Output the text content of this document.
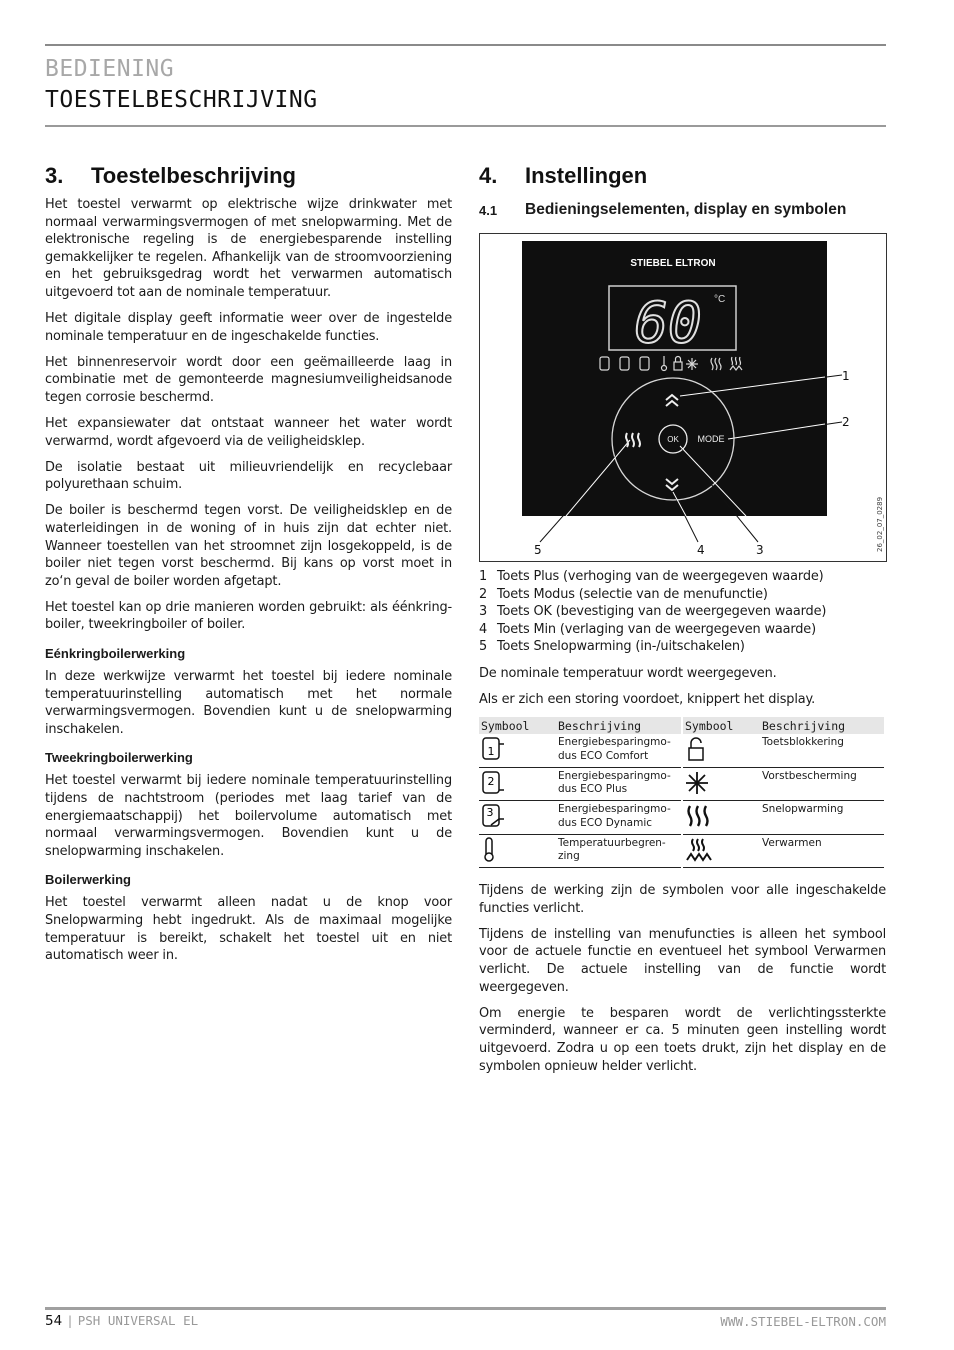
BEDIENING
TOESTELBESCHRIJVING
3.	Toestelbeschrijving

Het toestel verwarmt op elektrische wijze drinkwater met normaal verwarmingsvermogen of met snelopwarming. Met de elektronische regeling is de energiebesparende instelling gemakkelijker te regelen. Afhankelijk van de stroomvoorziening en het gebruiksgedrag wordt het verwarmen automatisch uitgevoerd tot aan de nominale temperatuur.

Het digitale display geeft informatie weer over de ingestelde nominale temperatuur en de ingeschakelde functies.

Het binnenreservoir wordt door een geëmailleerde laag in combinatie met de gemonteerde magnesiumveiligheidsanode tegen corrosie beschermd.

Het expansiewater dat ontstaat wanneer het water wordt verwarmd, wordt afgevoerd via de veiligheidsklep.

De isolatie bestaat uit milieuvriendelijk en recyclebaar polyurethaan schuim.

De boiler is beschermd tegen vorst. De veiligheidsklep en de waterleidingen in de woning of in huis zijn dat echter niet. Wanneer toestellen van het stroomnet zijn losgekoppeld, is de boiler niet tegen vorst beschermd. Bij kans op vorst moet in zo‘n geval de boiler worden afgetapt.

Het toestel kan op drie manieren worden gebruikt: als éénkring-boiler, tweekringboiler of boiler.

Eénkringboilerwerking

In deze werkwijze verwarmt het toestel bij iedere nominale temperatuurinstelling automatisch met het normale verwarmingsvermogen. Bovendien kunt u de snelopwarming inschakelen.

Tweekringboilerwerking

Het toestel verwarmt bij iedere nominale temperatuurinstelling tijdens de nachtstroom (periodes met laag tarief van de energiemaatschappij) het boilervolume automatisch met normaal verwarmingsvermogen. Bovendien kunt u de snelopwarming inschakelen.

Boilerwerking

Het toestel verwarmt alleen nadat u de knop voor Snelopwarming hebt ingedrukt. Als de maximaal mogelijke temperatuur is bereikt, schakelt het toestel uit en niet automatisch weer in.

4.	Instellingen
4.1	Bedieningselementen, display en symbolen
STIEBEL ELTRON
60 °C
OK MODE
1
2
3
4
5	26_02_07_0289
1 Toets Plus (verhoging van de weergegeven waarde)
2 Toets Modus (selectie van de menufunctie)
3 Toets OK (bevestiging van de weergegeven waarde)
4 Toets Min (verlaging van de weergegeven waarde)
5 Toets Snelopwarming (in-/uitschakelen)

De nominale temperatuur wordt weergegeven.

Als er zich een storing voordoet, knippert het display.

Symbool	Beschrijving		Symbool	Beschrijving

1	Energiebesparingmo-dus ECO Comfort			Toetsblokkering

2	Energiebesparingmo-dus ECO Plus			Vorstbescherming

3	Energiebesparingmo-dus ECO Dynamic			Snelopwarming
	Temperatuurbegren-zing			Verwarmen

Tijdens de werking zijn de symbolen voor alle ingeschakelde functies verlicht.

Tijdens de instelling van menufuncties is alleen het symbool voor de actuele functie en eventueel het symbool Verwarmen verlicht. De actuele instelling van de functie wordt weergegeven.

Om energie te besparen wordt de verlichtingssterkte verminderd, wanneer er ca. 5 minuten geen instelling wordt uitgevoerd. Zodra u op een toets drukt, zijn het display en de symbolen opnieuw helder verlicht.

54 | PSH UNIVERSAL EL	WWW.STIEBEL-ELTRON.COM
